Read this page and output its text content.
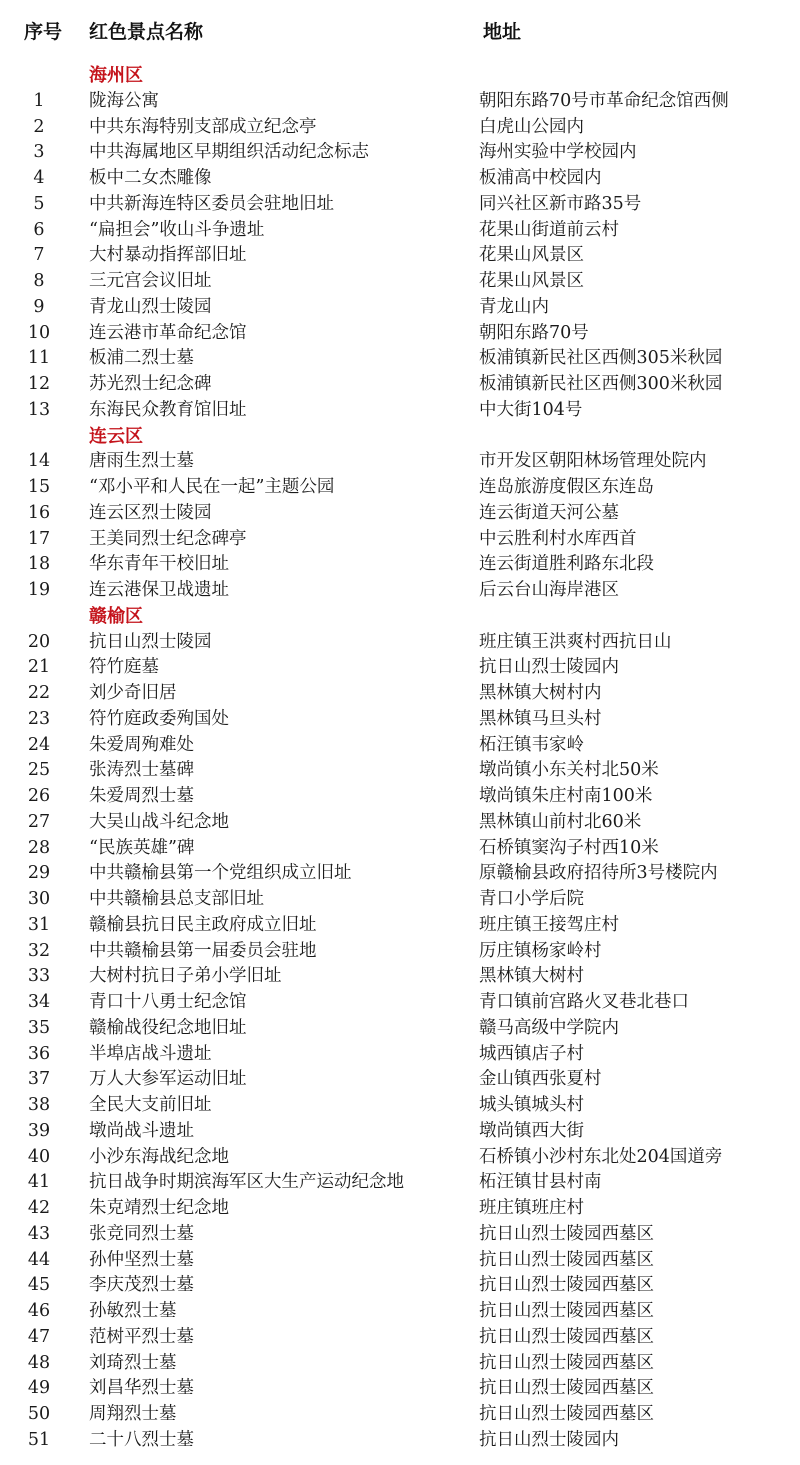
序号 红色景点名称	地址
海州区
1	陇海公寓	朝阳东路70号市革命纪念馆西侧
2	中共东海特别支部成立纪念亭	白虎山公园内
3	中共海属地区早期组织活动纪念标志	海州实验中学校园内
4	板中二女杰雕像	板浦高中校园内
5	中共新海连特区委员会驻地旧址	同兴社区新市路35号
6	“扁担会”收山斗争遗址	花果山街道前云村
7	大村暴动指挥部旧址	花果山风景区
8	三元宫会议旧址	花果山风景区
9	青龙山烈士陵园	青龙山内
10	连云港市革命纪念馆	朝阳东路70号
11	板浦二烈士墓	板浦镇新民社区西侧305米秋园
12	苏光烈士纪念碑	板浦镇新民社区西侧300米秋园
13	东海民众教育馆旧址	中大街104号
连云区
14	唐雨生烈士墓	市开发区朝阳林场管理处院内
15	“邓小平和人民在一起”主题公园	连岛旅游度假区东连岛
16	连云区烈士陵园	连云街道天河公墓
17	王美同烈士纪念碑亭	中云胜利村水库西首
18	华东青年干校旧址	连云街道胜利路东北段
19	连云港保卫战遗址	后云台山海岸港区
赣榆区
20	抗日山烈士陵园	班庄镇王洪爽村西抗日山
21	符竹庭墓	抗日山烈士陵园内
22	刘少奇旧居	黑林镇大树村内
23	符竹庭政委殉国处	黑林镇马旦头村
24	朱爱周殉难处	柘汪镇韦家岭
25	张涛烈士墓碑	墩尚镇小东关村北50米
26	朱爱周烈士墓	墩尚镇朱庄村南100米
27	大吴山战斗纪念地	黑林镇山前村北60米
28	“民族英雄”碑	石桥镇窦沟子村西10米
29	中共赣榆县第一个党组织成立旧址	原赣榆县政府招待所3号楼院内
30	中共赣榆县总支部旧址	青口小学后院
31	赣榆县抗日民主政府成立旧址	班庄镇王接驾庄村
32	中共赣榆县第一届委员会驻地	厉庄镇杨家岭村
33	大树村抗日子弟小学旧址	黑林镇大树村
34	青口十八勇士纪念馆	青口镇前宫路火叉巷北巷口
35	赣榆战役纪念地旧址	赣马高级中学院内
36	半埠店战斗遗址	城西镇店子村
37	万人大参军运动旧址	金山镇西张夏村
38	全民大支前旧址	城头镇城头村
39	墩尚战斗遗址	墩尚镇西大街
40	小沙东海战纪念地	石桥镇小沙村东北处204国道旁
41	抗日战争时期滨海军区大生产运动纪念地	柘汪镇甘县村南
42	朱克靖烈士纪念地	班庄镇班庄村
43	张竞同烈士墓	抗日山烈士陵园西墓区
44	孙仲坚烈士墓	抗日山烈士陵园西墓区
45	李庆茂烈士墓	抗日山烈士陵园西墓区
46	孙敏烈士墓	抗日山烈士陵园西墓区
47	范树平烈士墓	抗日山烈士陵园西墓区
48	刘琦烈士墓	抗日山烈士陵园西墓区
49	刘昌华烈士墓	抗日山烈士陵园西墓区
50	周翔烈士墓	抗日山烈士陵园西墓区
51	二十八烈士墓	抗日山烈士陵园内
